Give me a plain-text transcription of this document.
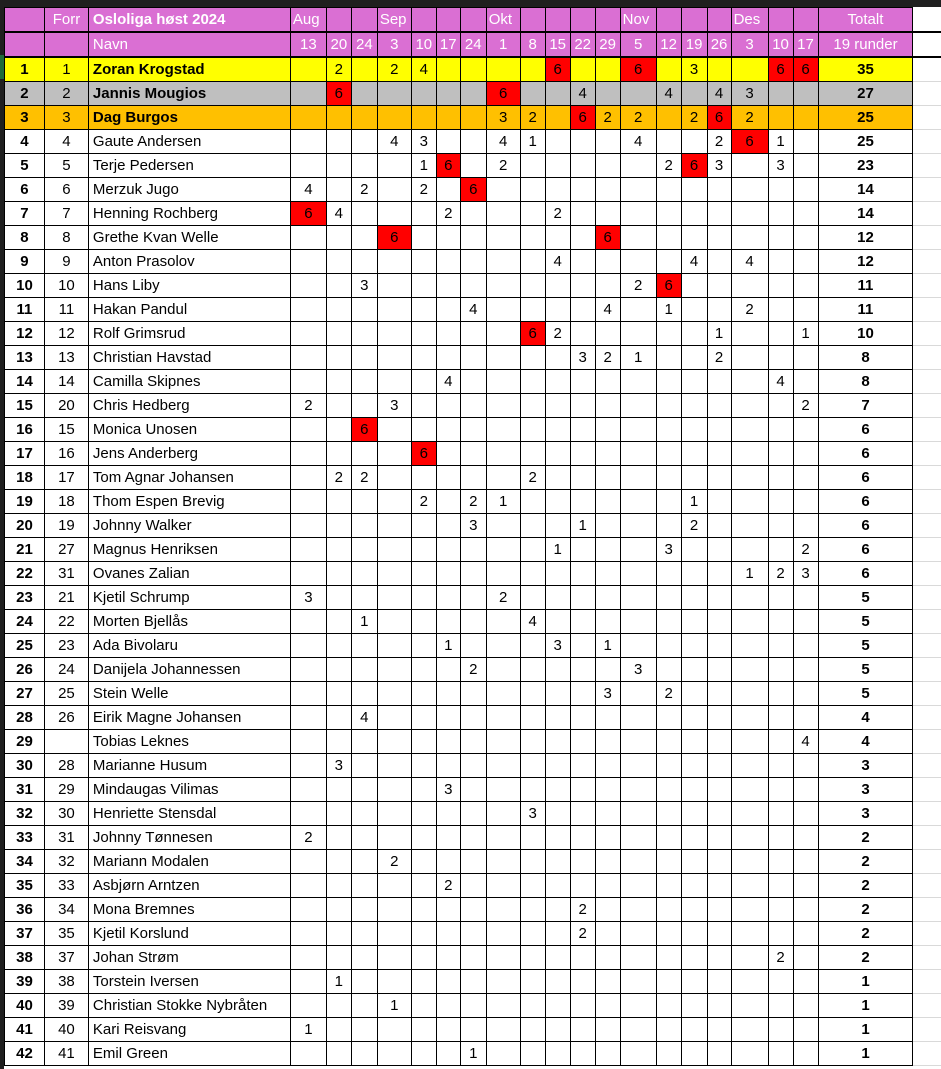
	Forr	Osloliga høst 2024	Aug			Sep				Okt					Nov				Des			Totalt	
		Navn	13	20	24	3	10	17	24	1	8	15	22	29	5	12	19	26	3	10	17	19 runder	
1	1	Zoran Krogstad		2		2	4					6			6		3			6	6	35	
2	2	Jannis Mougios		6						6			4			4		4	3			27	
3	3	Dag Burgos								3	2		6	2	2		2	6	2			25	
4	4	Gaute Andersen				4	3			4	1				4			2	6	1		25	
5	5	Terje Pedersen					1	6		2						2	6	3		3		23	
6	6	Merzuk Jugo	4		2		2		6													14	
7	7	Henning Rochberg	6	4				2				2										14	
8	8	Grethe Kvan Welle				6								6								12	
9	9	Anton Prasolov										4					4		4			12	
10	10	Hans Liby			3										2	6						11	
11	11	Hakan Pandul							4					4		1			2			11	
12	12	Rolf Grimsrud									6	2						1			1	10	
13	13	Christian Havstad											3	2	1			2				8	
14	14	Camilla Skipnes						4												4		8	
15	20	Chris Hedberg	2			3															2	7	
16	15	Monica Unosen			6																	6	
17	16	Jens Anderberg					6															6	
18	17	Tom Agnar Johansen		2	2						2											6	
19	18	Thom Espen Brevig					2		2	1							1					6	
20	19	Johnny Walker							3				1				2					6	
21	27	Magnus Henriksen										1				3					2	6	
22	31	Ovanes Zalian																	1	2	3	6	
23	21	Kjetil Schrump	3							2												5	
24	22	Morten Bjellås			1						4											5	
25	23	Ada Bivolaru						1				3		1								5	
26	24	Danijela Johannessen							2						3							5	
27	25	Stein Welle												3		2						5	
28	26	Eirik Magne Johansen			4																	4	
29		Tobias Leknes																			4	4	
30	28	Marianne Husum		3																		3	
31	29	Mindaugas Vilimas						3														3	
32	30	Henriette Stensdal									3											3	
33	31	Johnny Tønnesen	2																			2	
34	32	Mariann Modalen				2																2	
35	33	Asbjørn Arntzen						2														2	
36	34	Mona Bremnes											2									2	
37	35	Kjetil Korslund											2									2	
38	37	Johan Strøm																		2		2	
39	38	Torstein Iversen		1																		1	
40	39	Christian Stokke Nybråten				1																1	
41	40	Kari Reisvang	1																			1	
42	41	Emil Green							1													1	
